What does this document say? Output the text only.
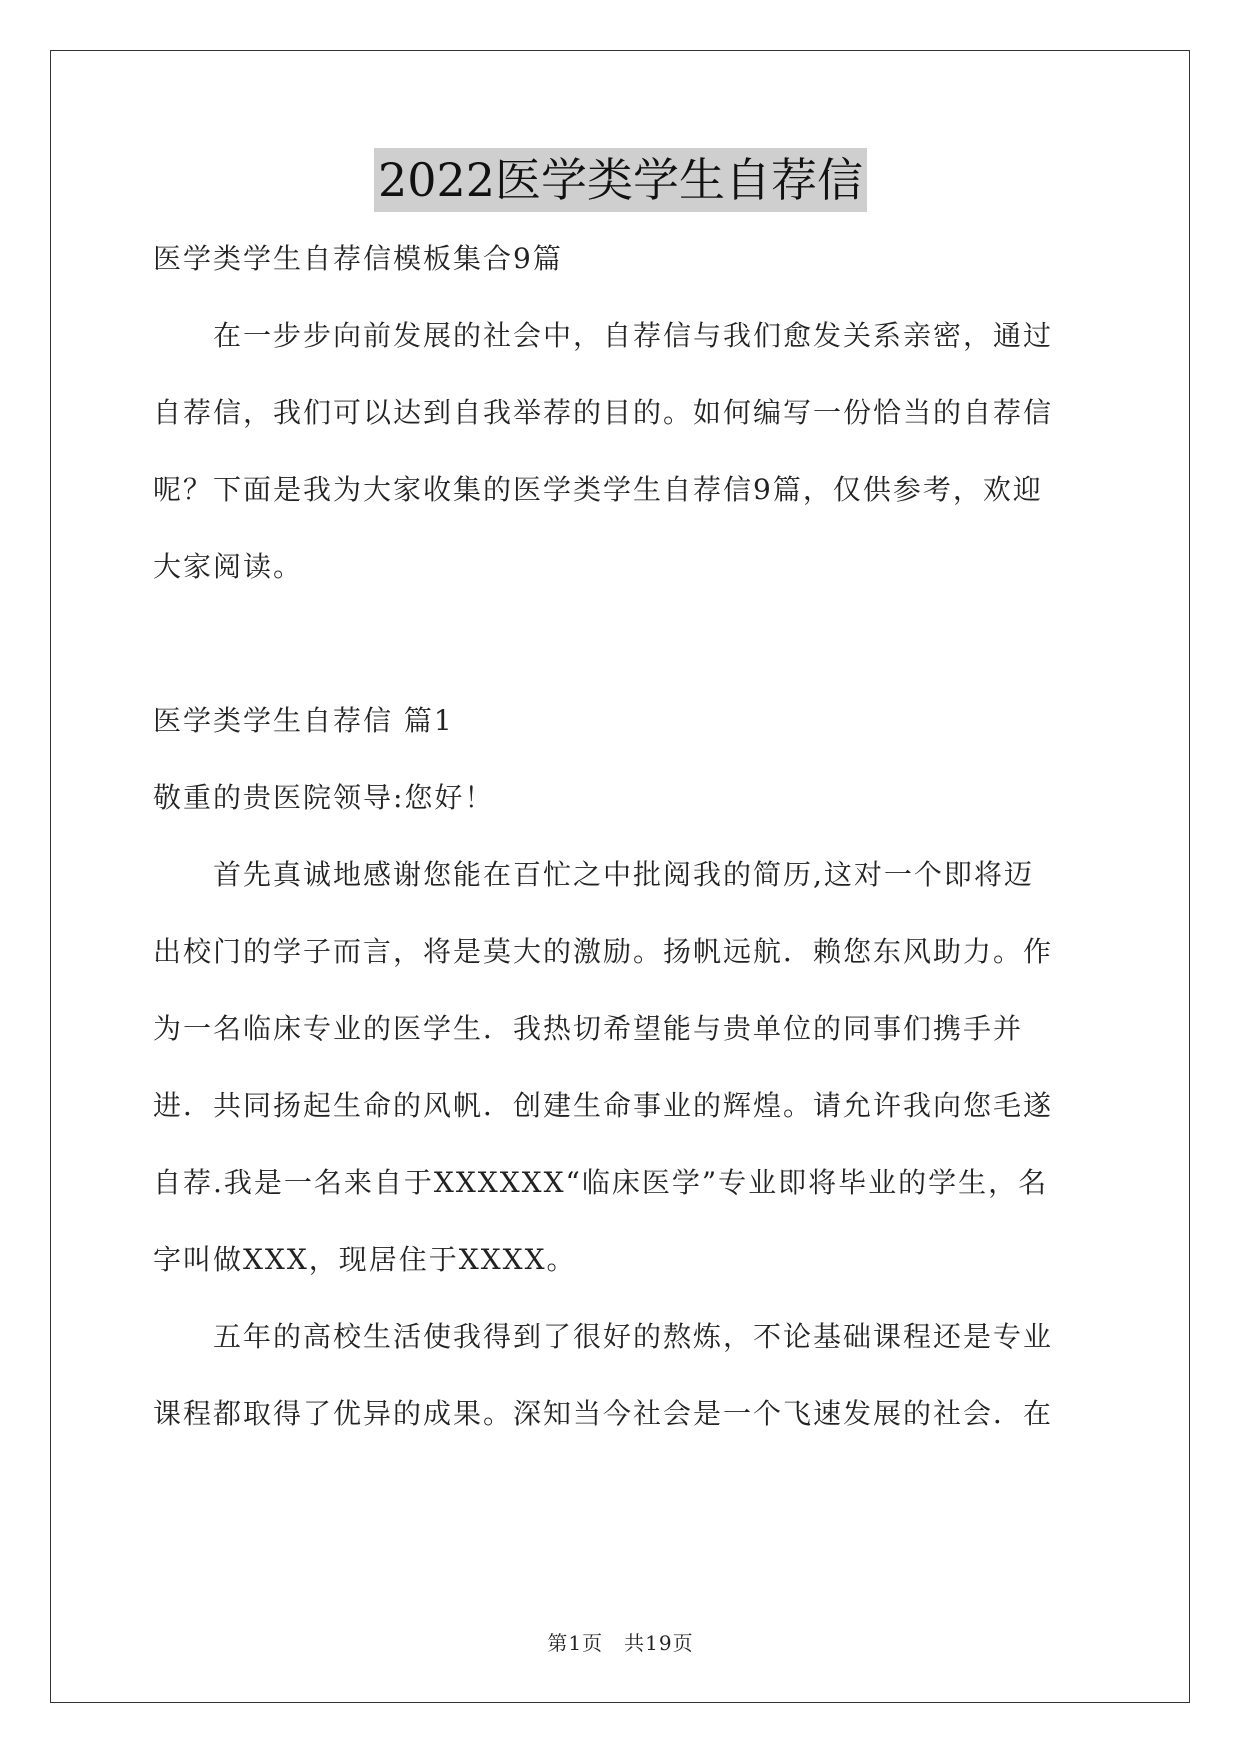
2022医学类学生自荐信
医学类学生自荐信模板集合9篇
在一步步向前发展的社会中，自荐信与我们愈发关系亲密，通过
自荐信，我们可以达到自我举荐的目的。如何编写一份恰当的自荐信
呢？下面是我为大家收集的医学类学生自荐信9篇，仅供参考，欢迎
大家阅读。
医学类学生自荐信 篇1
敬重的贵医院领导:您好！
首先真诚地感谢您能在百忙之中批阅我的简历,这对一个即将迈
出校门的学子而言，将是莫大的激励。扬帆远航．赖您东风助力。作
为一名临床专业的医学生．我热切希望能与贵单位的同事们携手并
进．共同扬起生命的风帆．创建生命事业的辉煌。请允许我向您毛遂
自荐.我是一名来自于XXXXXX“临床医学”专业即将毕业的学生，名
字叫做XXX，现居住于XXXX。
五年的高校生活使我得到了很好的熬炼，不论基础课程还是专业
课程都取得了优异的成果。深知当今社会是一个飞速发展的社会．在
第1页　共19页
